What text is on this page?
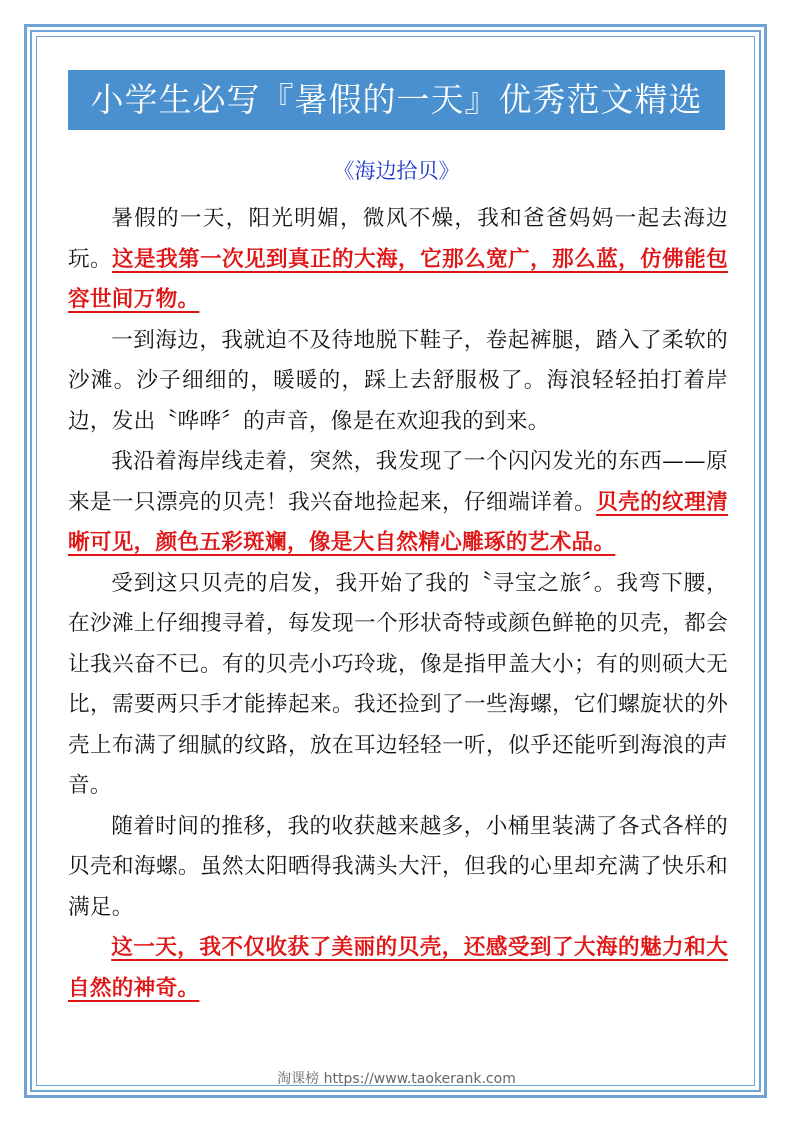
小学生必写『暑假的一天』优秀范文精选
《海边拾贝》

暑假的一天，阳光明媚，微风不燥，我和爸爸妈妈一起去海边玩。这是我第一次见到真正的大海，它那么宽广，那么蓝，仿佛能包容世间万物。

一到海边，我就迫不及待地脱下鞋子，卷起裤腿，踏入了柔软的沙滩。沙子细细的，暖暖的，踩上去舒服极了。海浪轻轻拍打着岸边，发出〝哗哗〞的声音，像是在欢迎我的到来。

我沿着海岸线走着，突然，我发现了一个闪闪发光的东西——原来是一只漂亮的贝壳！我兴奋地捡起来，仔细端详着。贝壳的纹理清晰可见，颜色五彩斑斓，像是大自然精心雕琢的艺术品。

受到这只贝壳的启发，我开始了我的〝寻宝之旅〞。我弯下腰，在沙滩上仔细搜寻着，每发现一个形状奇特或颜色鲜艳的贝壳，都会让我兴奋不已。有的贝壳小巧玲珑，像是指甲盖大小；有的则硕大无比，需要两只手才能捧起来。我还捡到了一些海螺，它们螺旋状的外壳上布满了细腻的纹路，放在耳边轻轻一听，似乎还能听到海浪的声音。

随着时间的推移，我的收获越来越多，小桶里装满了各式各样的贝壳和海螺。虽然太阳晒得我满头大汗，但我的心里却充满了快乐和满足。

这一天，我不仅收获了美丽的贝壳，还感受到了大海的魅力和大自然的神奇。

淘课榜 https://www.taokerank.com
